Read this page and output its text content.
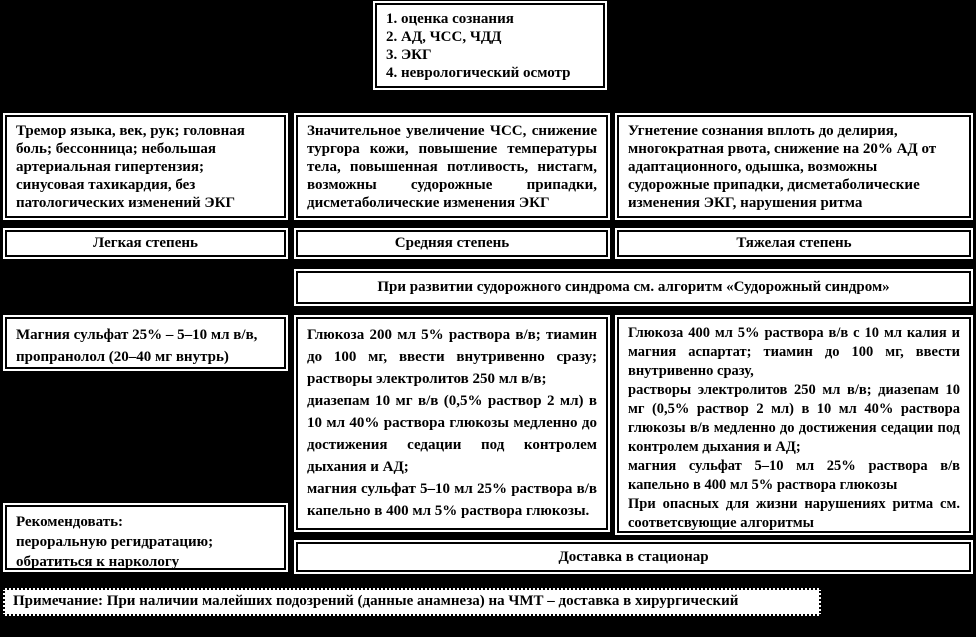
1. оценка сознания
2. АД, ЧСС, ЧДД
3. ЭКГ
4. неврологический осмотр
Тремор языка, век, рук; головная боль; бессонница; небольшая артериальная гипертензия; синусовая тахикардия, без патологических изменений ЭКГ
Значительное увеличение ЧСС, снижение тургора кожи, повышение температуры тела, повышенная потливость, нистагм, возможны судорожные припадки, дисметаболические изменения ЭКГ
Угнетение сознания вплоть до делирия, многократная рвота, снижение на 20% АД от адаптационного, одышка, возможны судорожные припадки, дисметаболические изменения ЭКГ, нарушения ритма
Легкая степень	Средняя степень	Тяжелая степень
При развитии судорожного синдрома см. алгоритм «Судорожный синдром»
Магния сульфат 25% – 5–10 мл в/в,
пропранолол (20–40 мг внутрь)
Глюкоза 200 мл 5% раствора в/в; тиамин до 100 мг, ввести внутривенно сразу; растворы электролитов 250 мл в/в;
диазепам 10 мг в/в (0,5% раствор 2 мл) в 10 мл 40% раствора глюкозы медленно до достижения седации под контролем дыхания и АД;
магния сульфат 5–10 мл 25% раствора в/в капельно в 400 мл 5% раствора глюкозы.
Глюкоза 400 мл 5% раствора в/в с 10 мл калия и магния аспартат; тиамин до 100 мг, ввести внутривенно сразу,
растворы электролитов 250 мл в/в; диазепам 10 мг (0,5% раствор 2 мл) в 10 мл 40% раствора глюкозы в/в медленно до достижения седации под контролем дыхания и АД;
магния сульфат 5–10 мл 25% раствора в/в капельно в 400 мл 5% раствора глюкозы
При опасных для жизни нарушениях ритма см. соответсвующие алгоритмы
Рекомендовать:
пероральную регидратацию;
обратиться к наркологу	Доставка в стационар
Примечание: При наличии малейших подозрений (данные анамнеза) на ЧМТ – доставка в хирургический стационар
